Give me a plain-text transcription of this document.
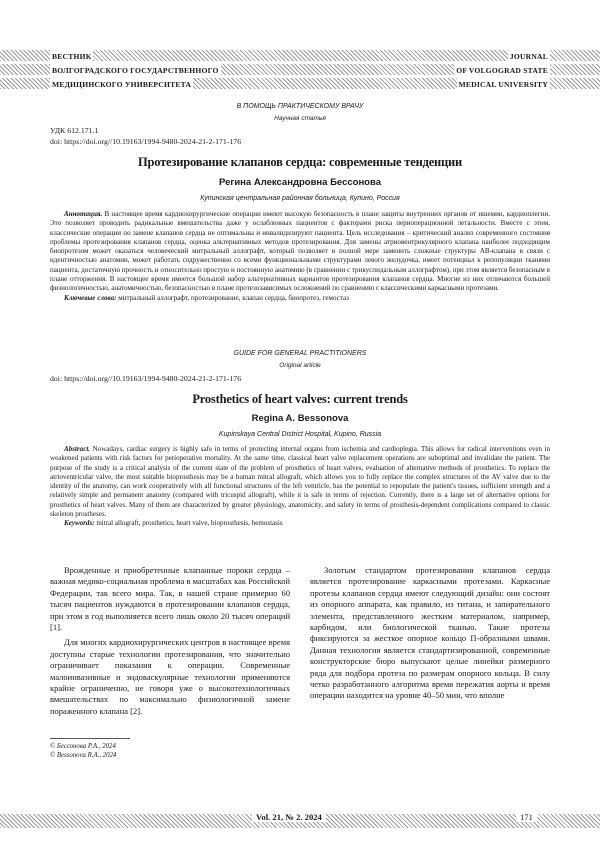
ВЕСТНИК
ВОЛГОГРАДСКОГО ГОСУДАРСТВЕННОГО
МЕДИЦИНСКОГО УНИВЕРСИТЕТА
JOURNAL
OF VOLGOGRAD STATE
MEDICAL UNIVERSITY
В ПОМОЩЬ ПРАКТИЧЕСКОМУ ВРАЧУ
Научная статья
УДК 612.171.1
doi: https://doi.org//10.19163/1994-9480-2024-21-2-171-176
Протезирование клапанов сердца: современные тенденции
Регина Александровна Бессонова
Купинская центральная районная больница, Купино, Россия

Аннотация. В настоящее время кардиохирургические операции имеют высокую безопасность в плане защиты внутренних органов от ишемии, кардиоплегии. Это позволяет проводить радикальные вмешательства даже у ослабленных пациентов с факторами риска периоперационной летальности. Вместе с этим, классические операции по замене клапанов сердца не оптимальны и инвалидизируют пациента. Цель исследования – критический анализ современного состояния проблемы протезирования клапанов сердца, оценка альтернативных методов протезирования. Для замены атриовентрикулярного клапана наиболее подходящим биопротезом может оказаться человеческий митральный аллографт, который позволяет в полной мере заменить сложные структуры АВ-клапана в связи с идентичностью анатомии, может работать содружественно со всеми функциональными структурами левого желудочка, имеет потенциал к репопуляции тканями пациента, достаточную прочность и относительно простую и постоянную анатомию (в сравнении с трикуспидальным аллографтом), при этом является безопасным в плане отторжения. В настоящее время имеется большой набор альтернативных вариантов протезирования клапанов сердца. Многие из них отличаются большей физиологичностью, анатомичностью, безопасностью в плане протезозависимых осложнений по сравнению с классическими каркасными протезами.

Ключевые слова: митральный аллографт, протезирование, клапан сердца, биопротез, гемостаз

GUIDE FOR GENERAL PRACTITIONERS
Original article
doi: https://doi.org//10.19163/1994-9480-2024-21-2-171-176
Prosthetics of heart valves: current trends
Regina A. Bessonova
Kupinskaya Central District Hospital, Kupino, Russia

Abstract. Nowadays, cardiac surgery is highly safe in terms of protecting internal organs from ischemia and cardioplegia. This allows for radical interventions even in weakened patients with risk factors for perioperative mortality. At the same time, classical heart valve replacement operations are suboptimal and invalidate the patient. The purpose of the study is a critical analysis of the current state of the problem of prosthetics of heart valves, evaluation of alternative methods of prosthetics. To replace the atrioventricular valve, the most suitable bioprosthesis may be a human mitral allograft, which allows you to fully replace the complex structures of the AV valve due to the identity of the anatomy, can work cooperatively with all functional structures of the left ventricle, has the potential to repopulate the patient's tissues, sufficient strength and a relatively simple and permanent anatomy (compared with tricuspid allograft), while it is safe in terms of rejection. Currently, there is a large set of alternative options for prosthetics of heart valves. Many of them are characterized by greater physiology, anatomicity, and safety in terms of prosthesis-dependent complications compared to classic skeleton prostheses.

Keywords: mitral allograft, prosthetics, heart valve, bioprosthesis, hemostasis

Врожденные и приобретенные клапанные пороки сердца – важная медико-социальная проблема в масштабах как Российской Федерации, так всего мира. Так, в нашей стране примерно 60 тысяч пациентов нуждаются в протезировании клапанов сердца, при этом в год выполняется всего лишь около 20 тысяч операций [1].

Для многих кардиохирургических центров в настоящее время доступны старые технологии протезирования, что значительно ограничивает показания к операции. Современные малоинвазивные и эндоваскулярные технологии применяются крайне ограниченно, не говоря уже о высокотехнологичных вмешательствах по максимально физиологичной замене пораженного клапана [2].

Золотым стандартом протезирования клапанов сердца является протезирование каркасными протезами. Каркасные протезы клапанов сердца имеют следующий дизайн: они состоят из опорного аппарата, как правило, из титана, и запирательного элемента, представленного жестким материалом, например, карбидом, или биологической тканью. Такие протезы фиксируются за жесткое опорное кольцо П-образными швами. Данная технология является стандартизированной, современные конструкторские бюро выпускают целые линейки размерного ряда для подбора протеза по размерам опорного кольца. В силу четко разработанного алгоритма время пережатия аорты и время операции находится на уровне 40–50 мин, что вполне

© Бессонова Р.А., 2024
© Bessonova R.A., 2024
Vol. 21, № 2. 2024	171
